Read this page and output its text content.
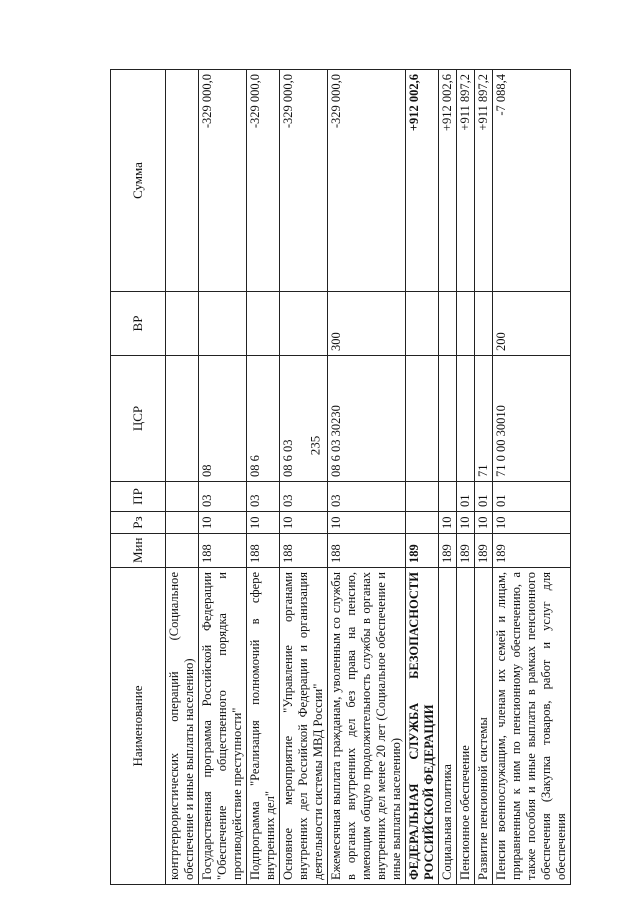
235
Наименование	Мин	Рз	ПР	ЦСР	ВР	Сумма
контртеррористических операций (Социальное обеспечение и иные выплаты населению)						
Государственная программа Российской Федерации "Обеспечение общественного порядка и противодействие преступности"	188	10	03	08		-329 000,0
Подпрограмма "Реализация полномочий в сфере внутренних дел"	188	10	03	08 6		-329 000,0
Основное мероприятие "Управление органами внутренних дел Российской Федерации и организация деятельности системы МВД России"	188	10	03	08 6 03		-329 000,0
Ежемесячная выплата гражданам, уволенным со службы в органах внутренних дел без права на пенсию, имеющим общую продолжительность службы в органах внутренних дел менее 20 лет (Социальное обеспечение и иные выплаты населению)	188	10	03	08 6 03 30230	300	-329 000,0
ФЕДЕРАЛЬНАЯ СЛУЖБА БЕЗОПАСНОСТИ РОССИЙСКОЙ ФЕДЕРАЦИИ	189					+912 002,6
Социальная политика	189	10				+912 002,6
Пенсионное обеспечение	189	10	01			+911 897,2
Развитие пенсионной системы	189	10	01	71		+911 897,2
Пенсии военнослужащим, членам их семей и лицам, приравненным к ним по пенсионному обеспечению, а также пособия и иные выплаты в рамках пенсионного обеспечения (Закупка товаров, работ и услуг для обеспечения	189	10	01	71 0 00 30010	200	-7 088,4
